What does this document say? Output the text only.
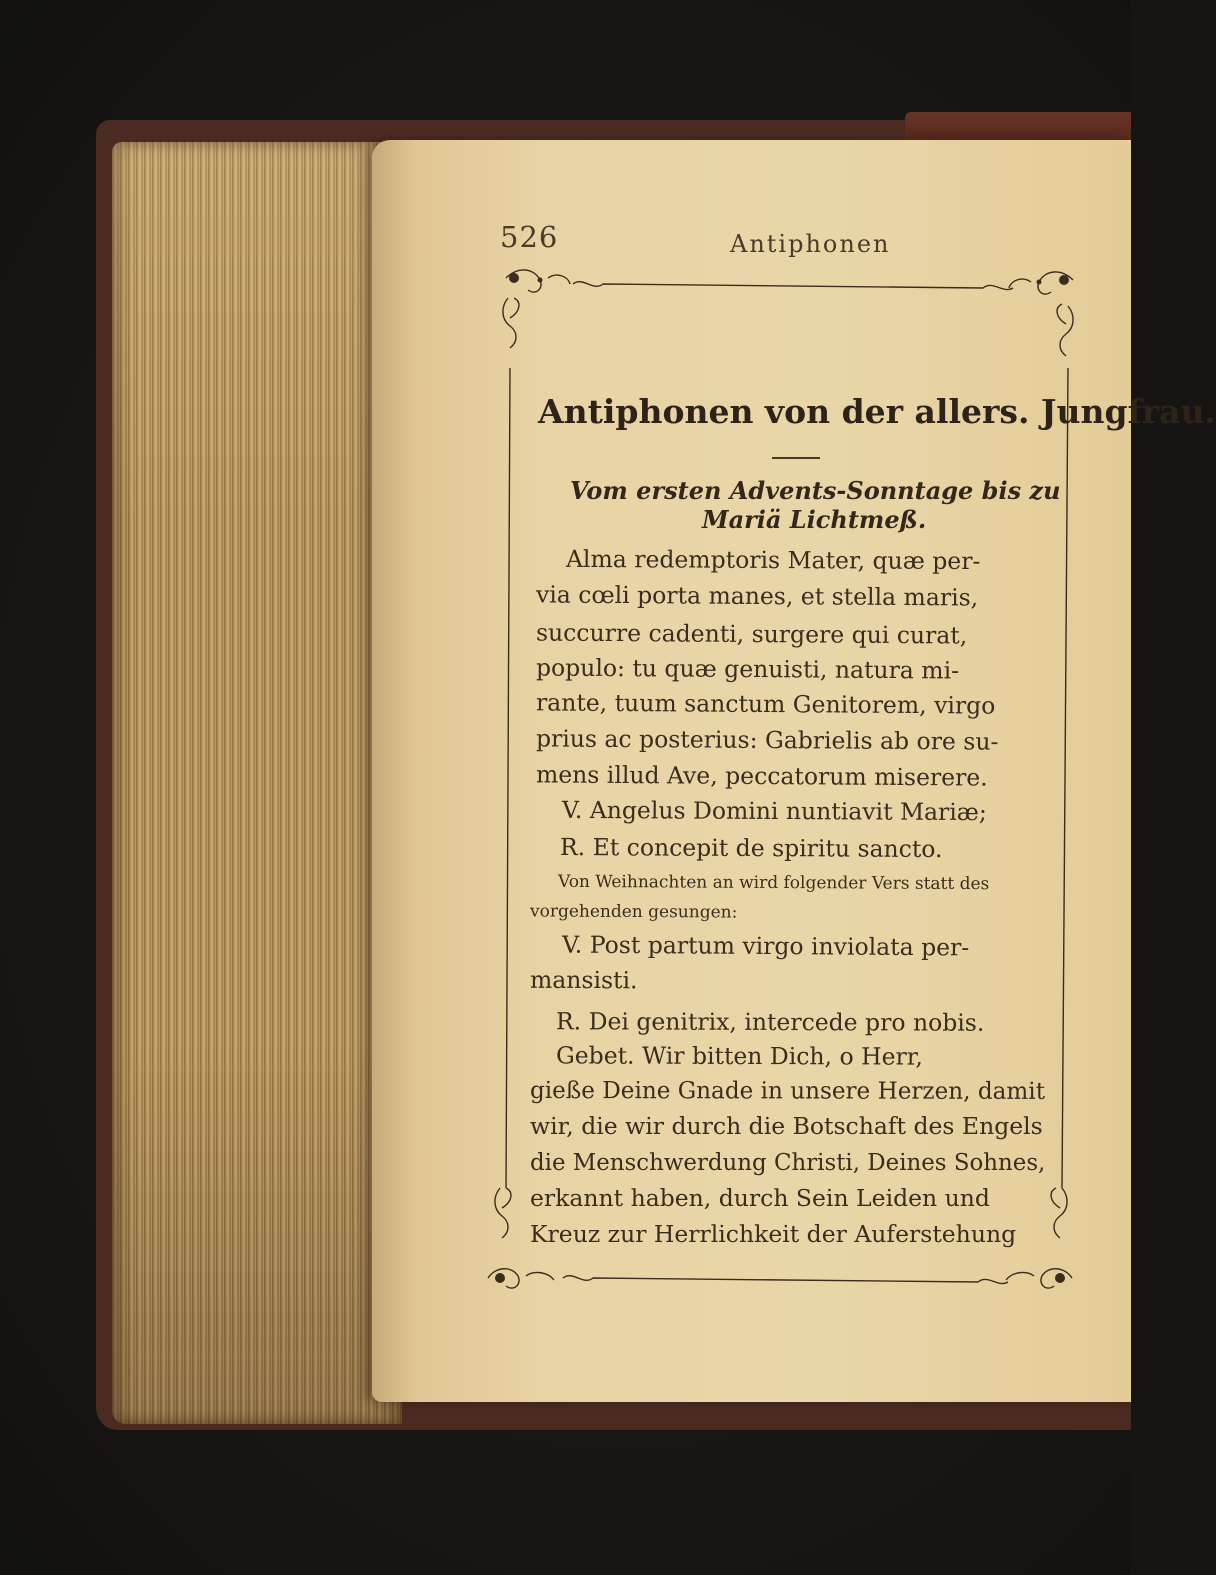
526	Antiphonen
Antiphonen von der allers. Jungfrau.
Vom ersten Advents-Sonntage bis zu
Mariä Lichtmeß.
Alma redemptoris Mater, quæ per-
via cœli porta manes, et stella maris,
succurre cadenti, surgere qui curat,
populo: tu quæ genuisti, natura mi-
rante, tuum sanctum Genitorem, virgo
prius ac posterius: Gabrielis ab ore su-
mens illud Ave, peccatorum miserere.
V. Angelus Domini nuntiavit Mariæ;
R. Et concepit de spiritu sancto.
Von Weihnachten an wird folgender Vers statt des
vorgehenden gesungen:
V. Post partum virgo inviolata per-
mansisti.
R. Dei genitrix, intercede pro nobis.
Gebet. Wir bitten Dich, o Herr,
gieße Deine Gnade in unsere Herzen, damit
wir, die wir durch die Botschaft des Engels
die Menschwerdung Christi, Deines Sohnes,
erkannt haben, durch Sein Leiden und
Kreuz zur Herrlichkeit der Auferstehung
